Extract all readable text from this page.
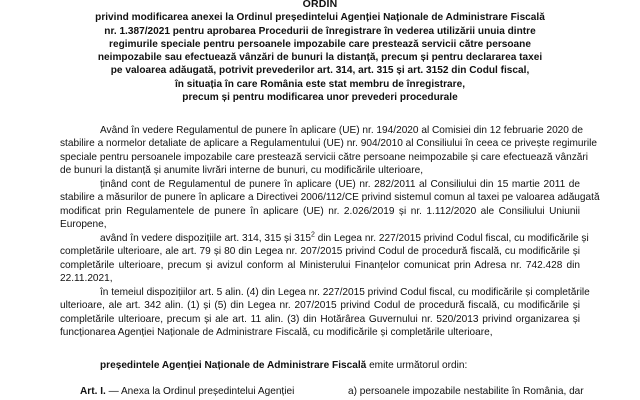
ORDIN
privind modificarea anexei la Ordinul președintelui Agenției Naționale de Administrare Fiscală
nr. 1.387/2021 pentru aprobarea Procedurii de înregistrare în vederea utilizării unuia dintre
regimurile speciale pentru persoanele impozabile care prestează servicii către persoane
neimpozabile sau efectuează vânzări de bunuri la distanță, precum și pentru declararea taxei
pe valoarea adăugată, potrivit prevederilor art. 314, art. 315 și art. 3152 din Codul fiscal,
în situația în care România este stat membru de înregistrare,
precum și pentru modificarea unor prevederi procedurale
Având în vedere Regulamentul de punere în aplicare (UE) nr. 194/2020 al Comisiei din 12 februarie 2020 de
stabilire a normelor detaliate de aplicare a Regulamentului (UE) nr. 904/2010 al Consiliului în ceea ce privește regimurile
speciale pentru persoanele impozabile care prestează servicii către persoane neimpozabile și care efectuează vânzări
de bunuri la distanță și anumite livrări interne de bunuri, cu modificările ulterioare,
ținând cont de Regulamentul de punere în aplicare (UE) nr. 282/2011 al Consiliului din 15 martie 2011 de
stabilire a măsurilor de punere în aplicare a Directivei 2006/112/CE privind sistemul comun al taxei pe valoarea adăugată
modificat prin Regulamentele de punere în aplicare (UE) nr. 2.026/2019 și nr. 1.112/2020 ale Consiliului Uniunii
Europene,
având în vedere dispozițiile art. 314, 315 și $315^2$ din Legea nr. 227/2015 privind Codul fiscal, cu modificările și
completările ulterioare, ale art. 79 și 80 din Legea nr. 207/2015 privind Codul de procedură fiscală, cu modificările și
completările ulterioare, precum și avizul conform al Ministerului Finanțelor comunicat prin Adresa nr. 742.428 din
22.11.2021,
în temeiul dispozițiilor art. 5 alin. (4) din Legea nr. 227/2015 privind Codul fiscal, cu modificările și completările
ulterioare, ale art. 342 alin. (1) și (5) din Legea nr. 207/2015 privind Codul de procedură fiscală, cu modificările și
completările ulterioare, precum și ale art. 11 alin. (3) din Hotărârea Guvernului nr. 520/2013 privind organizarea și
funcționarea Agenției Naționale de Administrare Fiscală, cu modificările și completările ulterioare,
președintele Agenției Naționale de Administrare Fiscală emite următorul ordin:
Art. I. — Anexa la Ordinul președintelui Agenției	a) persoanele impozabile nestabilite în România, dar
